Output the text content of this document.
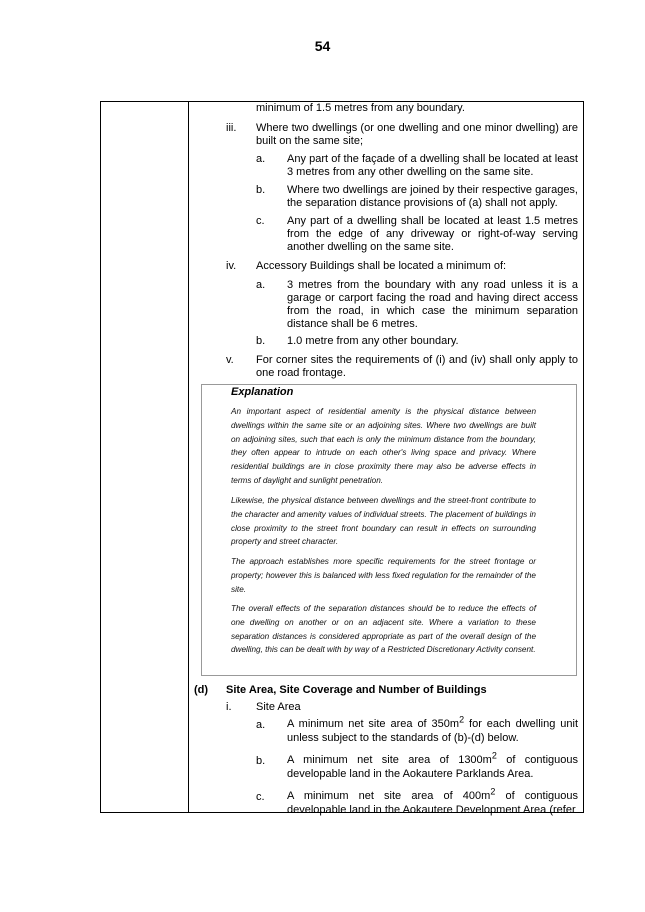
54

minimum of 1.5 metres from any boundary.

iii. Where two dwellings (or one dwelling and one minor dwelling) are built on the same site;

a. Any part of the façade of a dwelling shall be located at least 3 metres from any other dwelling on the same site.

b. Where two dwellings are joined by their respective garages, the separation distance provisions of (a) shall not apply.

c. Any part of a dwelling shall be located at least 1.5 metres from the edge of any driveway or right-of-way serving another dwelling on the same site.

iv. Accessory Buildings shall be located a minimum of:

a. 3 metres from the boundary with any road unless it is a garage or carport facing the road and having direct access from the road, in which case the minimum separation distance shall be 6 metres.

b. 1.0 metre from any other boundary.

v. For corner sites the requirements of (i) and (iv) shall only apply to one road frontage.

Explanation

An important aspect of residential amenity is the physical distance between dwellings within the same site or an adjoining sites. Where two dwellings are built on adjoining sites, such that each is only the minimum distance from the boundary, they often appear to intrude on each other's living space and privacy. Where residential buildings are in close proximity there may also be adverse effects in terms of daylight and sunlight penetration.

Likewise, the physical distance between dwellings and the street-front contribute to the character and amenity values of individual streets. The placement of buildings in close proximity to the street front boundary can result in effects on surrounding property and street character.

The approach establishes more specific requirements for the street frontage or property; however this is balanced with less fixed regulation for the remainder of the site.

The overall effects of the separation distances should be to reduce the effects of one dwelling on another or on an adjacent site. Where a variation to these separation distances is considered appropriate as part of the overall design of the dwelling, this can be dealt with by way of a Restricted Discretionary Activity consent.

(d) Site Area, Site Coverage and Number of Buildings
i. Site Area
a. A minimum net site area of $350m^2$ for each dwelling unit unless subject to the standards of (b)-(d) below.

b. A minimum net site area of $1300m^2$ of contiguous developable land in the Aokautere Parklands Area.

c. A minimum net site area of $400m^2$ of contiguous developable land in the Aokautere Development Area (refer
